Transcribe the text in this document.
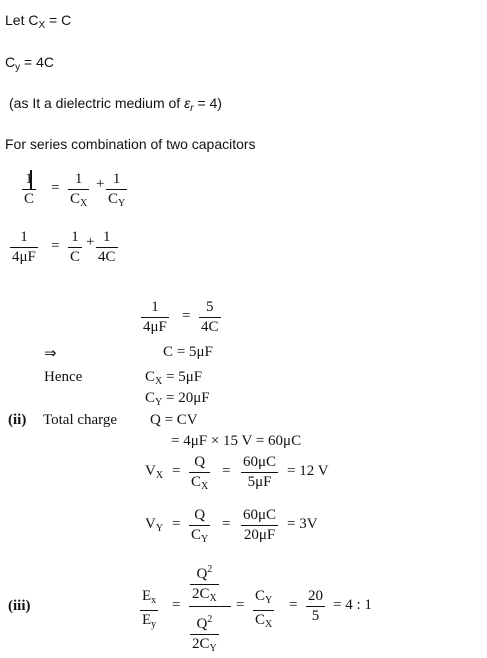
Let $C_X = C$
$C_y = 4C$
(as It a dielectric medium of $\varepsilon_r = 4$)
For series combination of two capacitors
1
C
=
1
$C_X$
+ 1
$C_Y$
1
4μF
=
1
C
+ 1
4C
1
4μF
=
5
4C
⇒	C = 5μF
Hence	$C_X = 5\mu F$
$C_Y = 20\mu F$
(ii) Total charge Q = CV
= 4μF × 15 V = 60μC
$V_X$ =
Q
$C_X$
=
60μC
5μF
= 12 V
$V_Y$ =
Q
$C_Y$
=
60μC
20μF
= 3V
(iii)
$E_x$
$E_y$
=
$Q^2$
$2C_X$
$Q^2$
$2C_Y$
=
$C_Y$
$C_X$
=
20
5
= 4 : 1
